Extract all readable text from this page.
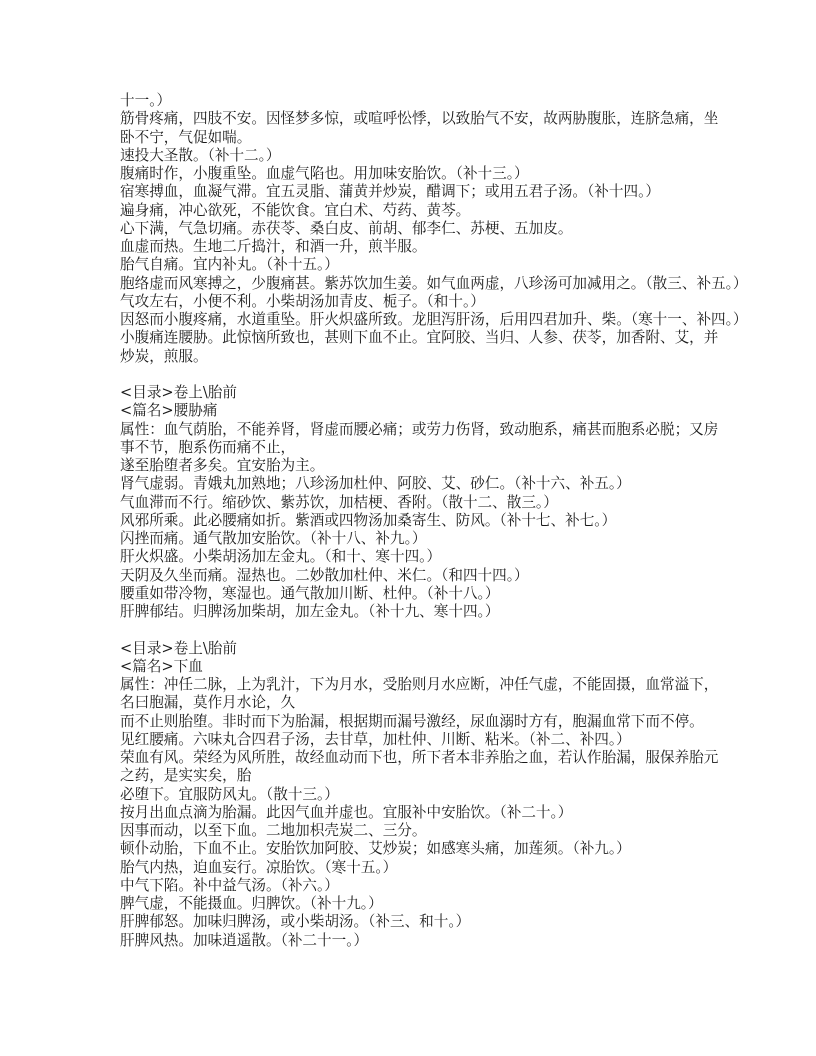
十一。）
筋骨疼痛，四肢不安。因怪梦多惊，或喧呼忪悸，以致胎气不安，故两胁腹胀，连脐急痛，坐
卧不宁，气促如喘。
速投大圣散。（补十二。）
腹痛时作，小腹重坠。血虚气陷也。用加味安胎饮。（补十三。）
宿寒搏血，血凝气滞。宜五灵脂、蒲黄并炒炭，醋调下；或用五君子汤。（补十四。）
遍身痛，冲心欲死，不能饮食。宜白术、芍药、黄芩。
心下满，气急切痛。赤茯苓、桑白皮、前胡、郁李仁、苏梗、五加皮。
血虚而热。生地二斤捣汁，和酒一升，煎半服。
胎气自痛。宜内补丸。（补十五。）
胞络虚而风寒搏之，少腹痛甚。紫苏饮加生姜。如气血两虚，八珍汤可加减用之。（散三、补五。）
气攻左右，小便不利。小柴胡汤加青皮、栀子。（和十。）
因怒而小腹疼痛，水道重坠。肝火炽盛所致。龙胆泻肝汤，后用四君加升、柴。（寒十一、补四。）
小腹痛连腰胁。此惊恼所致也，甚则下血不止。宜阿胶、当归、人参、茯苓，加香附、艾，并
炒炭，煎服。
<目录>卷上\胎前
<篇名>腰胁痛
属性：血气荫胎，不能养肾，肾虚而腰必痛；或劳力伤肾，致动胞系，痛甚而胞系必脱；又房
事不节，胞系伤而痛不止，
遂至胎堕者多矣。宜安胎为主。
肾气虚弱。青娥丸加熟地；八珍汤加杜仲、阿胶、艾、砂仁。（补十六、补五。）
气血滞而不行。缩砂饮、紫苏饮，加桔梗、香附。（散十二、散三。）
风邪所乘。此必腰痛如折。紫酒或四物汤加桑寄生、防风。（补十七、补七。）
闪挫而痛。通气散加安胎饮。（补十八、补九。）
肝火炽盛。小柴胡汤加左金丸。（和十、寒十四。）
天阴及久坐而痛。湿热也。二妙散加杜仲、米仁。（和四十四。）
腰重如带冷物，寒湿也。通气散加川断、杜仲。（补十八。）
肝脾郁结。归脾汤加柴胡，加左金丸。（补十九、寒十四。）
<目录>卷上\胎前
<篇名>下血
属性：冲任二脉，上为乳汁，下为月水，受胎则月水应断，冲任气虚，不能固摄，血常溢下，
名曰胞漏，莫作月水论，久
而不止则胎堕。非时而下为胎漏，根据期而漏号激经，尿血溺时方有，胞漏血常下而不停。
见红腰痛。六味丸合四君子汤，去甘草，加杜仲、川断、粘米。（补二、补四。）
荣血有风。荣经为风所胜，故经血动而下也，所下者本非养胎之血，若认作胎漏，服保养胎元
之药，是实实矣，胎
必堕下。宜服防风丸。（散十三。）
按月出血点滴为胎漏。此因气血并虚也。宜服补中安胎饮。（补二十。）
因事而动，以至下血。二地加枳壳炭二、三分。
顿仆动胎，下血不止。安胎饮加阿胶、艾炒炭；如感寒头痛，加莲须。（补九。）
胎气内热，迫血妄行。凉胎饮。（寒十五。）
中气下陷。补中益气汤。（补六。）
脾气虚，不能摄血。归脾饮。（补十九。）
肝脾郁怒。加味归脾汤，或小柴胡汤。（补三、和十。）
肝脾风热。加味逍遥散。（补二十一。）
